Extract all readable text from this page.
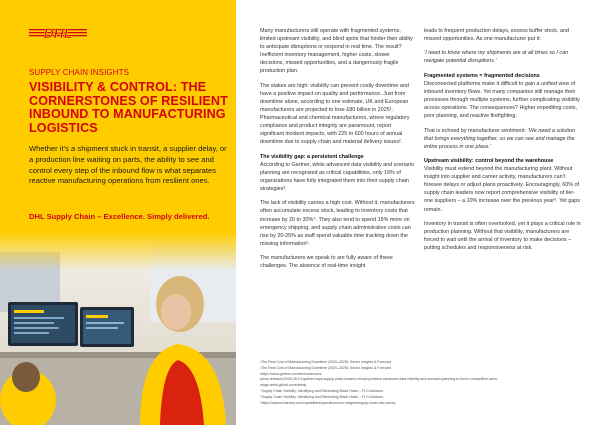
DHL
SUPPLY CHAIN INSIGHTS
VISIBILITY & CONTROL: THE CORNERSTONES OF RESILIENT INBOUND TO MANUFACTURING LOGISTICS
Whether it’s a shipment stuck in transit, a supplier delay, or a production line waiting on parts, the ability to see and control every step of the inbound flow is what separates reactive manufacturing operations from resilient ones.
DHL Supply Chain – Excellence. Simply delivered.

Many manufacturers still operate with fragmented systems, limited upstream visibility, and blind spots that hinder their ability to anticipate disruptions or respond in real time. The result? Inefficient inventory management, higher costs, slower decisions, missed opportunities, and a dangerously fragile production plan.

The stakes are high: visibility can prevent costly downtime and have a positive impact on quality and performance. Just from downtime alone, according to one estimate, UK and European manufacturers are projected to lose £80 billion in 2025¹. Pharmaceutical and chemical manufacturers, where regulatory compliance and product integrity are paramount, report significant incident impacts, with 225 to 600 hours of annual downtime due to supply chain and material delivery issues².

The visibility gap: a persistent challenge

According to Gartner, while advanced data visibility and scenario planning are recognized as critical capabilities, only 19% of organizations have fully integrated them into their supply chain strategies³.

The lack of visibility carries a high cost. Without it, manufacturers often accumulate excess stock, leading to inventory costs that increase by 20 to 30%⁴. They also tend to spend 15% more on emergency shipping, and supply chain administrative costs can rise by 20-25% as staff spend valuable time tracking down the missing information⁵.

The manufacturers we speak to are fully aware of these challenges. The absence of real-time insight

leads to frequent production delays, excess buffer stock, and missed opportunities. As one manufacturer put it:

‘I need to know where my shipments are at all times so I can navigate potential disruptions.’

Fragmented systems = fragmented decisions

Disconnected platforms make it difficult to gain a unified view of inbound inventory flows. Yet many companies still manage their processes through multiple systems, further complicating visibility across operations. The consequences? Higher expediting costs, poor planning, and reactive firefighting.

That is echoed by manufacturer sentiment: ‘We need a solution that brings everything together, so we can see and manage the entire process in one place.’

Upstream visibility: control beyond the warehouse

Visibility must extend beyond the manufacturing plant. Without insight into supplier and carrier activity, manufacturers can’t foresee delays or adjust plans proactively. Encouragingly, 60% of supply chain leaders now report comprehensive visibility of tier-one suppliers – a 10% increase over the previous year⁶. Yet gaps remain.

Inventory in transit is often overlooked, yet it plays a critical role in production planning. Without that visibility, manufacturers are forced to wait until the arrival of inventory to make decisions – putting schedules and responsiveness at risk.

¹The Real Cost of Manufacturing Downtime (2020–2025): Sector Insights & Forecast
²The Real Cost of Manufacturing Downtime (2020–2025): Sector Insights & Forecast
³https://www.gartner.com/en/newsroom/
press-releases/2025-05-19-gartner-says-supply-chain-leaders-should-prioritize-advanced-data-visibility-and-scenario-planning-to-thrive-competitive-adva-
ntage-amid-global-uncertainty
⁴Supply Chain Visibility: Identifying and Eliminating Black Holes – FLO Advisors
⁵Supply Chain Visibility: Identifying and Eliminating Black Holes – FLO Advisors
⁶https://www.mckinsey.com/capabilities/operations/our-insights/supply-chain-risk-survey
